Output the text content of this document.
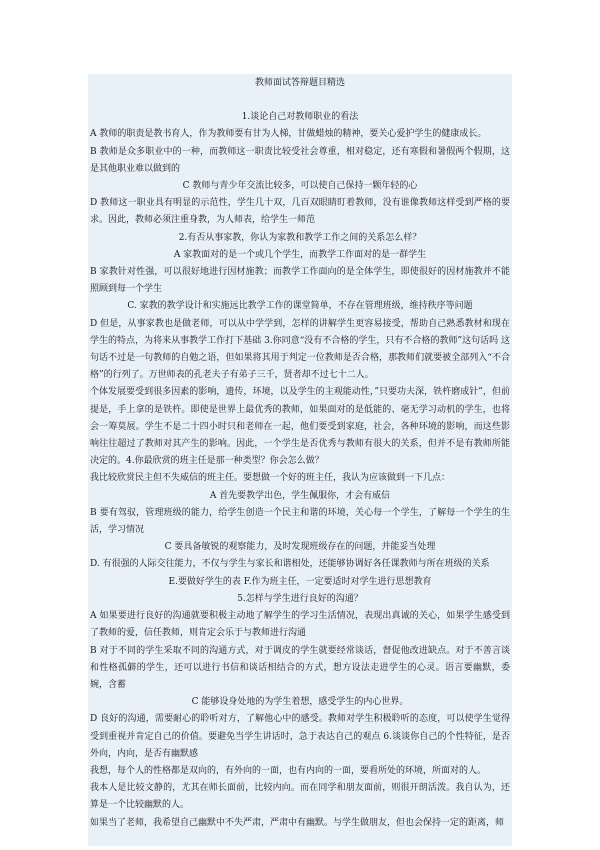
教师面试答辩题目精选

1.谈论自己对教师职业的看法

A 教师的职责是教书育人，作为教师要有甘为人梯，甘做蜡烛的精神，要关心爱护学生的健康成长。

B 教师是众多职业中的一种，而教师这一职责比较受社会尊重，相对稳定，还有寒假和暑假两个假期，这是其他职业难以做到的

C 教师与青少年交流比较多，可以使自己保持一颗年轻的心

D 教师这一职业具有明显的示范性，学生几十双，几百双眼睛盯着教师，没有谁像教师这样受到严格的要求。因此，教师必须注重身教，为人师表，给学生一师范

2.有否从事家教，你认为家教和教学工作之间的关系怎么样？

A 家教面对的是一个或几个学生，而教学工作面对的是一群学生

B 家教针对性强，可以很好地进行因材施教；而教学工作面向的是全体学生，即使很好的因材施教并不能照顾到每一个学生

C. 家教的教学设计和实施远比教学工作的课堂简单，不存在管理班级，维持秩序等问题

D 但是，从事家教也是做老师，可以从中学学到，怎样的讲解学生更容易接受，帮助自己熟悉教材和现在学生的特点，为将来从事教学工作打下基础 3.你同意“没有不合格的学生，只有不合格的教师”这句话吗 这句话不过是一句教师的自勉之语，但如果将其用于判定一位教师是否合格，那教师们就要被全部列入“不合格”的行列了。万世师表的孔老夫子有弟子三千，贤者却不过七十二人。

个体发展要受到很多因素的影响，遗传，环境，以及学生的主观能动性，”只要功夫深，铁杵磨成针”，但前提是，手上拿的是铁杵。即使是世界上最优秀的教师，如果面对的是低能的、毫无学习动机的学生，也将会一筹莫展。学生不是二十四小时只和老师在一起，他们要受到家庭，社会，各种环境的影响，而这些影响往往超过了教师对其产生的影响。因此，一个学生是否优秀与教师有很大的关系，但并不是有教师所能决定的。4.你最欣赏的班主任是那一种类型？你会怎么做？

我比较欣赏民主但不失威信的班主任。要想做一个好的班主任，我认为应该做到一下几点：

A 首先要教学出色，学生佩服你，才会有威信

B 要有驾驭，管理班级的能力，给学生创造一个民主和谐的环境，关心每一个学生，了解每一个学生的生活，学习情况

C 要具备敏锐的观察能力，及时发现班级存在的问题，并能妥当处理

D. 有很强的人际交往能力，不仅与学生与家长和谐相处，还能够协调好各任课教师与所在班级的关系

E.要做好学生的表 F.作为班主任，一定要适时对学生进行思想教育

5.怎样与学生进行良好的沟通？

A 如果要进行良好的沟通就要积极主动地了解学生的学习生活情况，表现出真诚的关心，如果学生感受到了教师的爱，信任教师，则肯定会乐于与教师进行沟通

B 对于不同的学生采取不同的沟通方式，对于调皮的学生就要经常谈话，督促他改进缺点。对于不善言谈和性格孤僻的学生，还可以进行书信和谈话相结合的方式，想方设法走进学生的心灵。语言要幽默，委婉，含蓄

C 能够设身处地的为学生着想，感受学生的内心世界。

D 良好的沟通，需要耐心的聆听对方，了解他心中的感受。教师对学生积极聆听的态度，可以使学生觉得受到重视并肯定自己的价值。要避免当学生讲话时，急于表达自己的观点 6.谈谈你自己的个性特征，是否外向，内向，是否有幽默感

我想，每个人的性格都是双向的，有外向的一面，也有内向的一面，要看所处的环境，所面对的人。

我本人是比较文静的，尤其在师长面前，比较内向。而在同学和朋友面前，则很开朗活泼。我自认为，还算是一个比较幽默的人。

如果当了老师，我希望自己幽默中不失严肃，严肃中有幽默。与学生做朋友，但也会保持一定的距离，师
